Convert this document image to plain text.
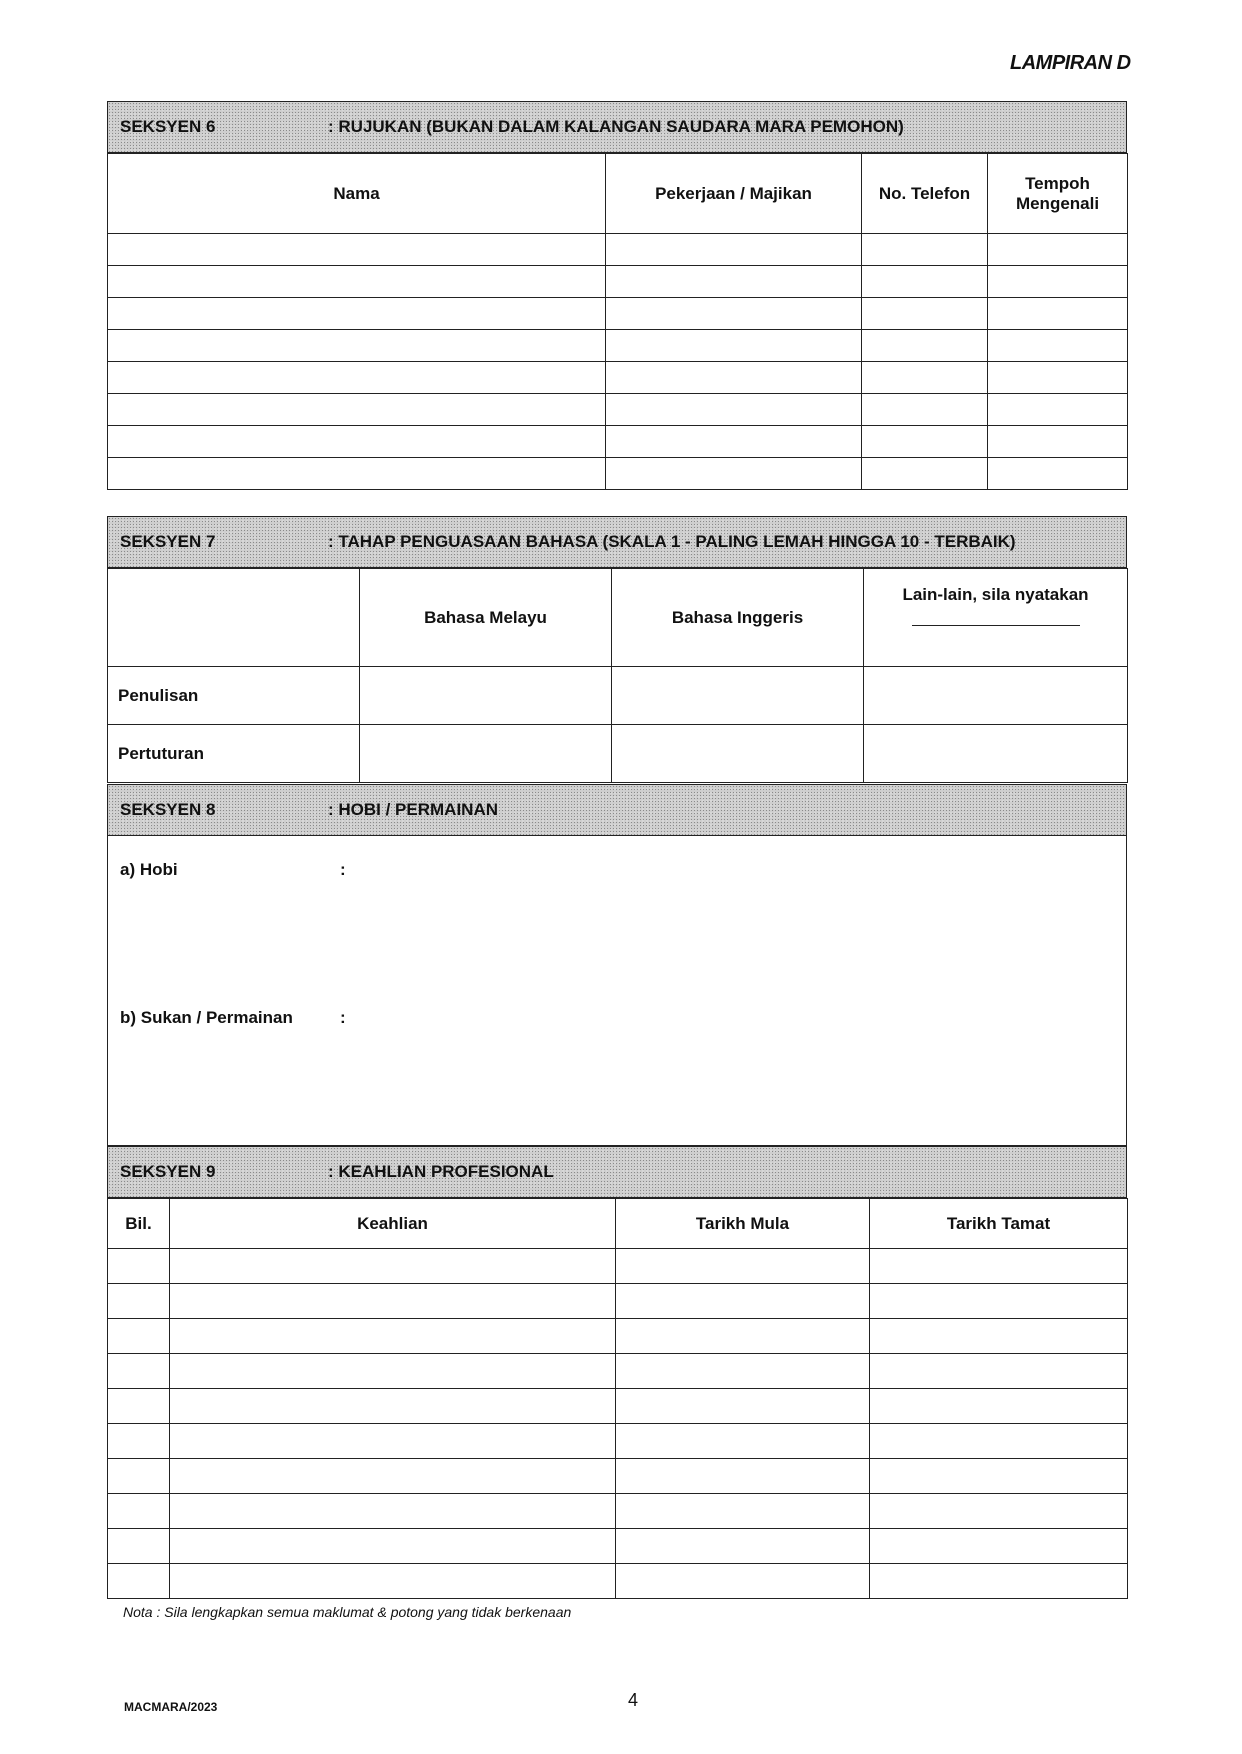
LAMPIRAN D
SEKSYEN 6	: RUJUKAN (BUKAN DALAM KALANGAN SAUDARA MARA PEMOHON)
Nama	Pekerjaan / Majikan	No. Telefon	Tempoh Mengenali

SEKSYEN 7	: TAHAP PENGUASAAN BAHASA (SKALA 1 - PALING LEMAH HINGGA 10 - TERBAIK)
	Bahasa Melayu	Bahasa Inggeris	Lain-lain, sila nyatakan

Penulisan			
Pertuturan			
SEKSYEN 8	: HOBI / PERMAINAN
a) Hobi	:
b) Sukan / Permainan	:
SEKSYEN 9	: KEAHLIAN PROFESIONAL
Bil.	Keahlian	Tarikh Mula	Tarikh Tamat

Nota : Sila lengkapkan semua maklumat & potong yang tidak berkenaan
MACMARA/2023	4
